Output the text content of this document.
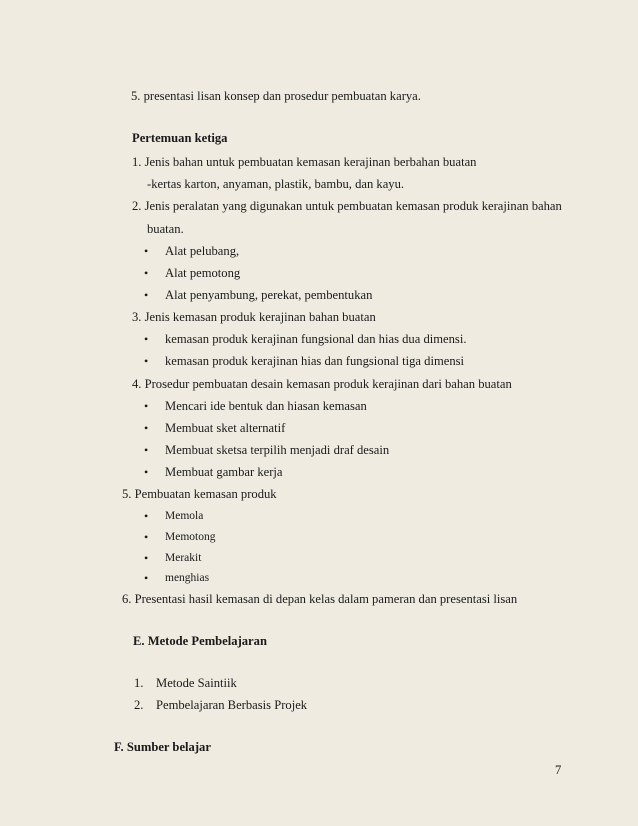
5. presentasi lisan konsep dan prosedur pembuatan karya.
Pertemuan ketiga
1. Jenis bahan untuk pembuatan kemasan kerajinan berbahan buatan
-kertas karton, anyaman, plastik, bambu, dan kayu.
2. Jenis peralatan yang digunakan untuk pembuatan kemasan produk kerajinan bahan
buatan.
• Alat pelubang,
• Alat pemotong
• Alat penyambung, perekat, pembentukan
3. Jenis kemasan produk kerajinan bahan buatan
• kemasan produk kerajinan fungsional dan hias dua dimensi.
• kemasan produk kerajinan hias dan fungsional tiga dimensi
4. Prosedur pembuatan desain kemasan produk kerajinan dari bahan buatan
• Mencari ide bentuk dan hiasan kemasan
• Membuat sket alternatif
• Membuat sketsa terpilih menjadi draf desain
• Membuat gambar kerja
5. Pembuatan kemasan produk
• Memola
• Memotong
• Merakit
• menghias
6. Presentasi hasil kemasan di depan kelas dalam pameran dan presentasi lisan
E. Metode Pembelajaran
1. Metode Saintiik
2. Pembelajaran Berbasis Projek
F. Sumber belajar
7
